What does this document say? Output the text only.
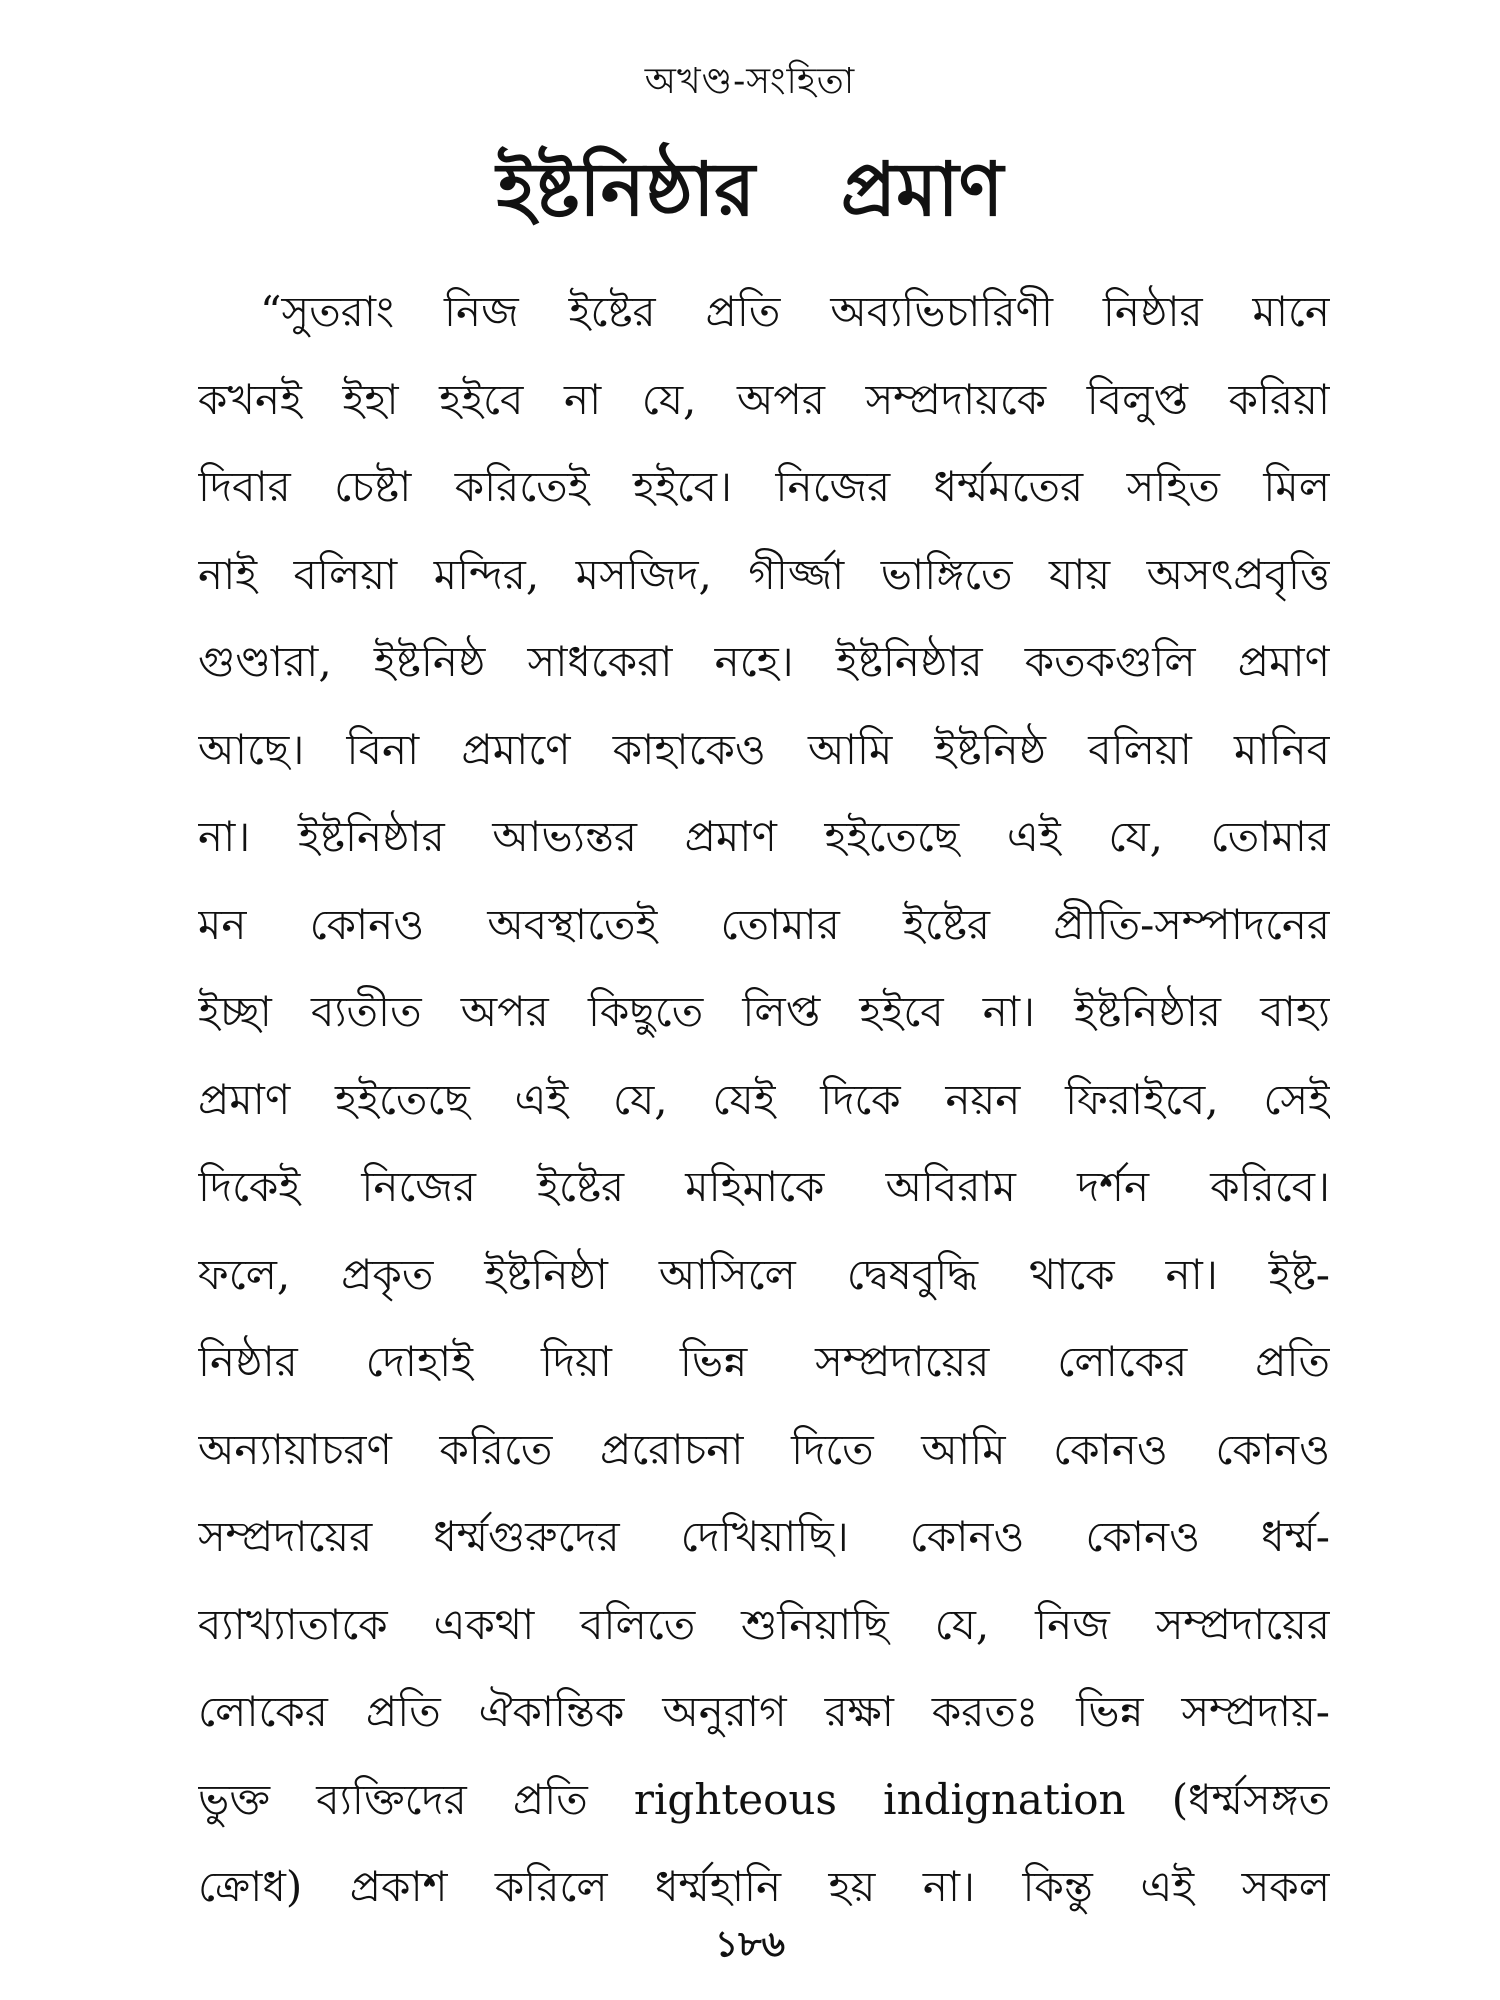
অখণ্ড-সংহিতা
ইষ্টনিষ্ঠার প্রমাণ
“সুতরাং নিজ ইষ্টের প্রতি অব্যভিচারিণী নিষ্ঠার মানে
কখনই ইহা হইবে না যে, অপর সম্প্রদায়কে বিলুপ্ত করিয়া
দিবার চেষ্টা করিতেই হইবে। নিজের ধর্ম্মমতের সহিত মিল
নাই বলিয়া মন্দির, মসজিদ, গীর্জ্জা ভাঙ্গিতে যায় অসৎপ্রবৃত্তি
গুণ্ডারা, ইষ্টনিষ্ঠ সাধকেরা নহে। ইষ্টনিষ্ঠার কতকগুলি প্রমাণ
আছে। বিনা প্রমাণে কাহাকেও আমি ইষ্টনিষ্ঠ বলিয়া মানিব
না। ইষ্টনিষ্ঠার আভ্যন্তর প্রমাণ হইতেছে এই যে, তোমার
মন কোনও অবস্থাতেই তোমার ইষ্টের প্রীতি-সম্পাদনের
ইচ্ছা ব্যতীত অপর কিছুতে লিপ্ত হইবে না। ইষ্টনিষ্ঠার বাহ্য
প্রমাণ হইতেছে এই যে, যেই দিকে নয়ন ফিরাইবে, সেই
দিকেই নিজের ইষ্টের মহিমাকে অবিরাম দর্শন করিবে।
ফলে, প্রকৃত ইষ্টনিষ্ঠা আসিলে দ্বেষবুদ্ধি থাকে না। ইষ্ট-
নিষ্ঠার দোহাই দিয়া ভিন্ন সম্প্রদায়ের লোকের প্রতি
অন্যায়াচরণ করিতে প্ররোচনা দিতে আমি কোনও কোনও
সম্প্রদায়ের ধর্ম্মগুরুদের দেখিয়াছি। কোনও কোনও ধর্ম্ম-
ব্যাখ্যাতাকে একথা বলিতে শুনিয়াছি যে, নিজ সম্প্রদায়ের
লোকের প্রতি ঐকান্তিক অনুরাগ রক্ষা করতঃ ভিন্ন সম্প্রদায়-
ভুক্ত ব্যক্তিদের প্রতি righteous indignation (ধর্ম্মসঙ্গত
ক্রোধ) প্রকাশ করিলে ধর্ম্মহানি হয় না। কিন্তু এই সকল
১৮৬
